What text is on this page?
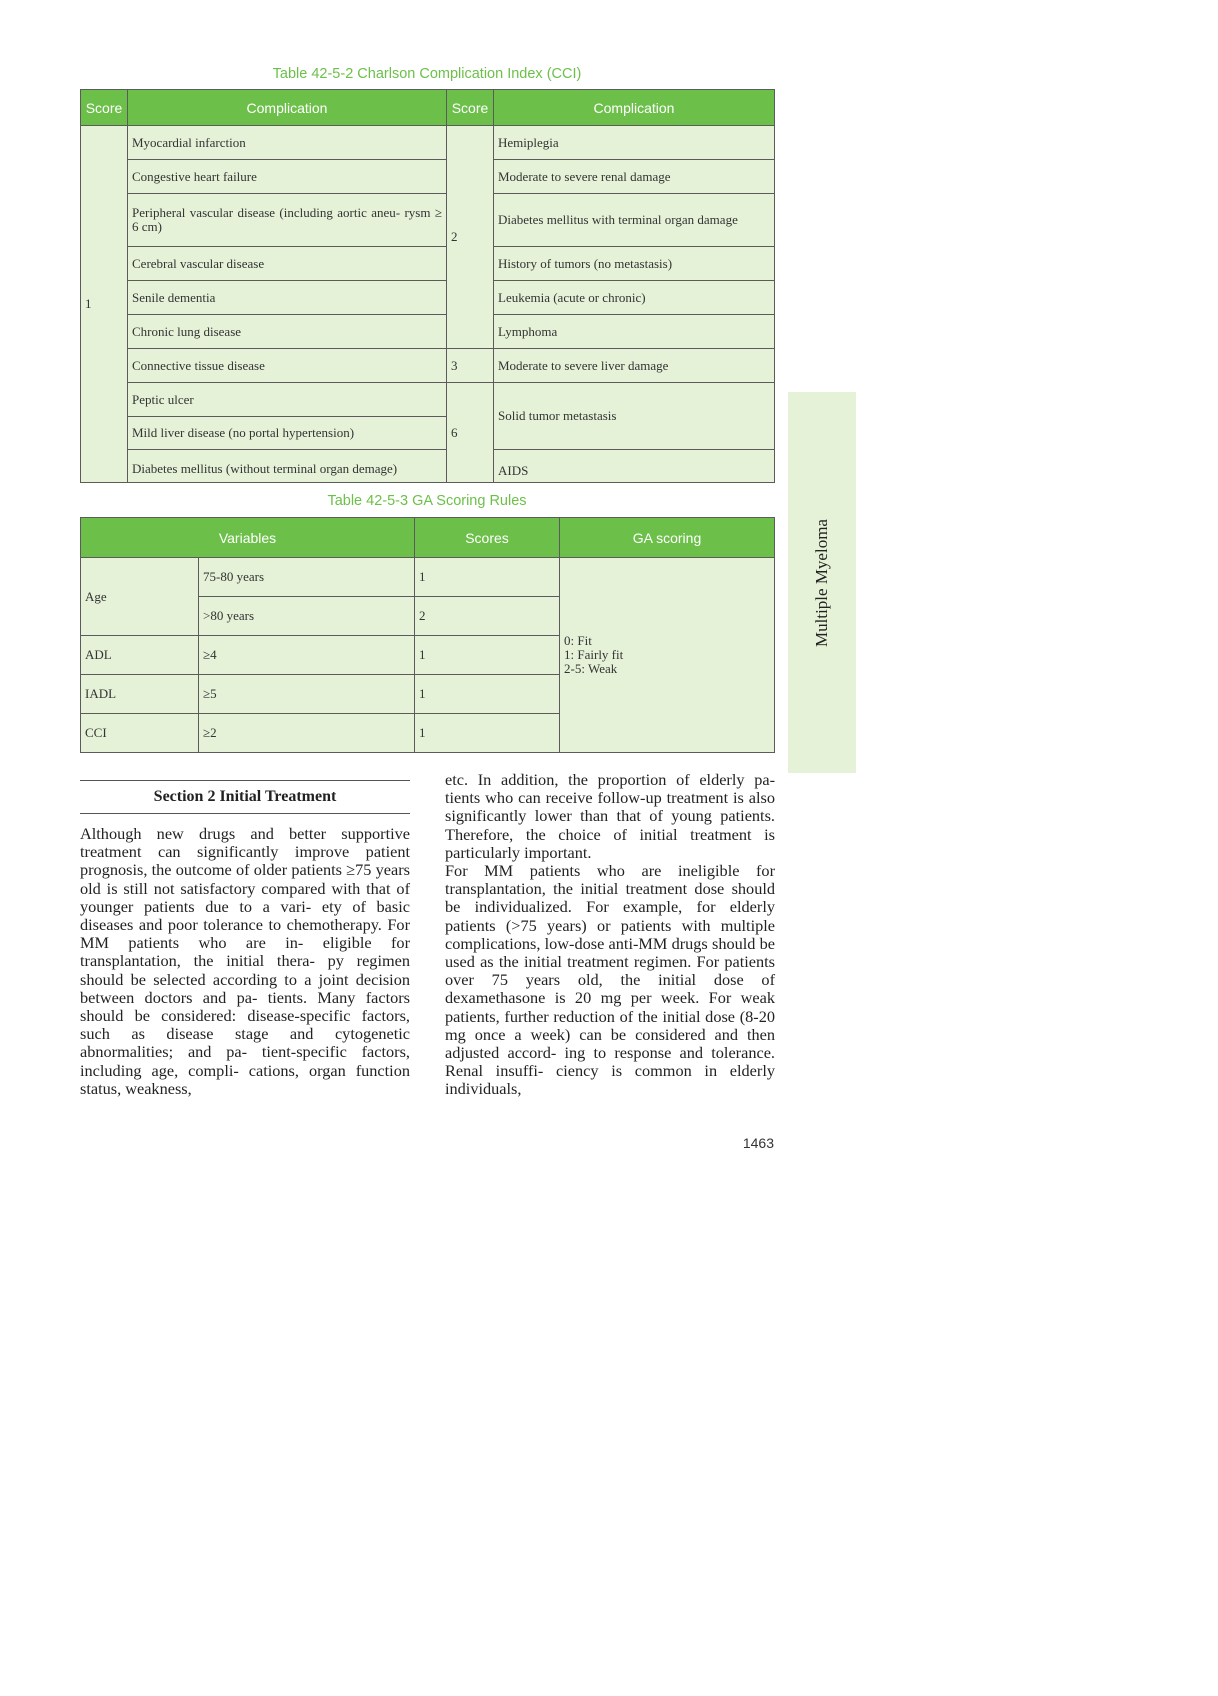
Table 42-5-2 Charlson Complication Index (CCI)
Score	Complication	Score	Complication
1	Myocardial infarction	2	Hemiplegia
	Congestive heart failure		Moderate to severe renal damage
	Peripheral vascular disease (including aortic aneu- rysm ≥ 6 cm)		Diabetes mellitus with terminal organ damage
	Cerebral vascular disease		History of tumors (no metastasis)
	Senile dementia		Leukemia (acute or chronic)
	Chronic lung disease		Lymphoma
	Connective tissue disease	3	Moderate to severe liver damage
	Peptic ulcer	6	Solid tumor metastasis
	Mild liver disease (no portal hypertension)		
	Diabetes mellitus (without terminal organ demage)		AIDS
Table 42-5-3 GA Scoring Rules
Variables		Scores	GA scoring
Age	75-80 years	1	0: Fit
1: Fairly fit
2-5: Weak

	>80 years	2	
ADL	≥4	1	
IADL	≥5	1	
CCI	≥2	1	
Multiple Myeloma
Section 2 Initial Treatment

Although new drugs and better supportive treatment can significantly improve patient prognosis, the outcome of older patients ≥75 years old is still not satisfactory compared with that of younger patients due to a vari- ety of basic diseases and poor tolerance to chemotherapy. For MM patients who are in- eligible for transplantation, the initial thera- py regimen should be selected according to a joint decision between doctors and pa- tients. Many factors should be considered: disease-specific factors, such as disease stage and cytogenetic abnormalities; and pa- tient-specific factors, including age, compli- cations, organ function status, weakness,

etc. In addition, the proportion of elderly pa- tients who can receive follow-up treatment is also significantly lower than that of young patients. Therefore, the choice of initial treatment is particularly important.

For MM patients who are ineligible for transplantation, the initial treatment dose should be individualized. For example, for elderly patients (>75 years) or patients with multiple complications, low-dose anti-MM drugs should be used as the initial treatment regimen. For patients over 75 years old, the initial dose of dexamethasone is 20 mg per week. For weak patients, further reduction of the initial dose (8-20 mg once a week) can be considered and then adjusted accord- ing to response and tolerance. Renal insuffi- ciency is common in elderly individuals,

1463
